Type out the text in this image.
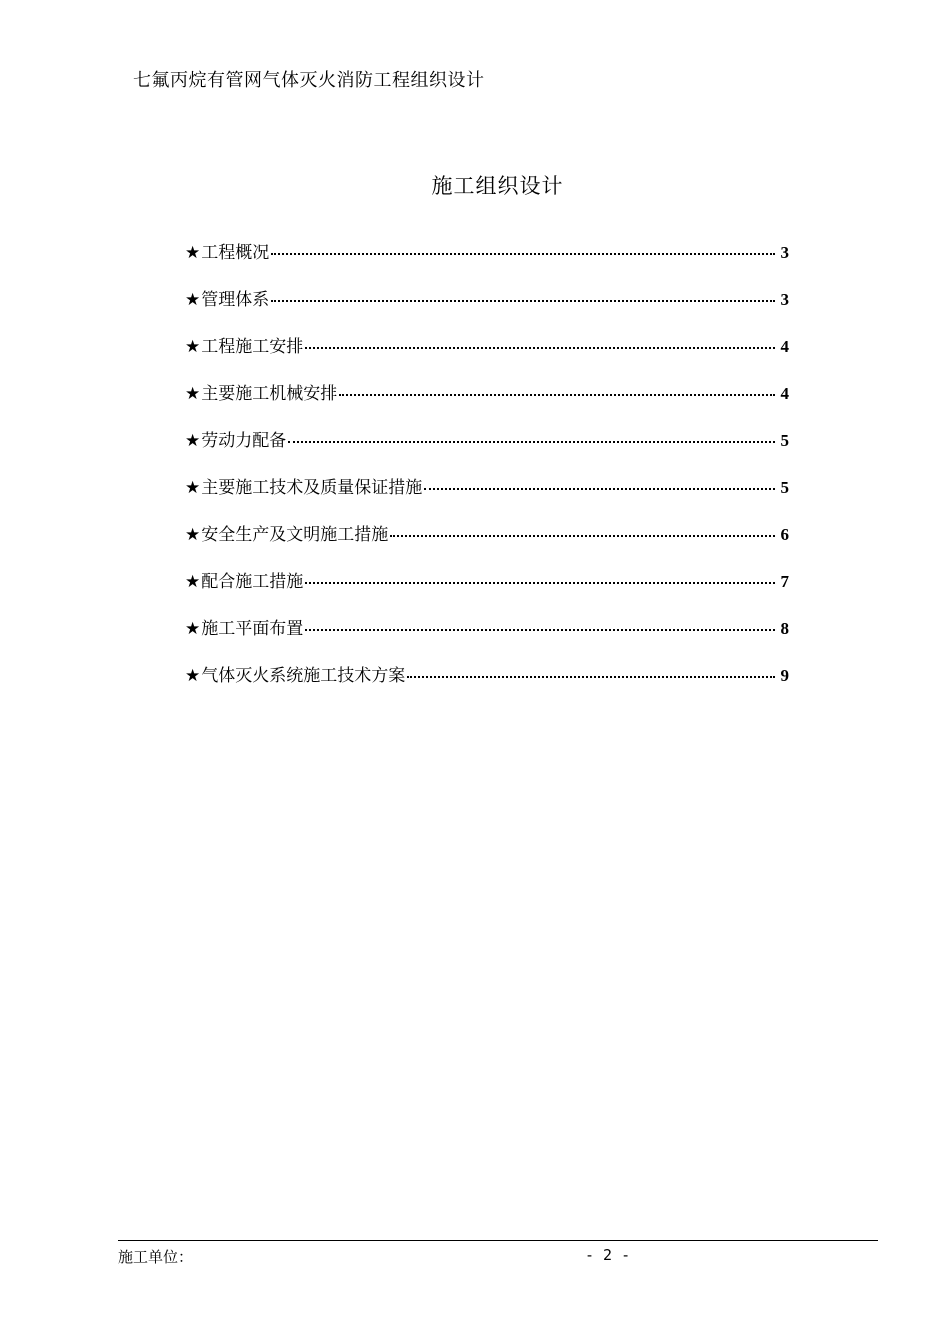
七氟丙烷有管网气体灭火消防工程组织设计
施工组织设计
★ 工程概况	3
★ 管理体系	3
★ 工程施工安排	4
★ 主要施工机械安排	4
★ 劳动力配备	5
★ 主要施工技术及质量保证措施	5
★ 安全生产及文明施工措施	6
★ 配合施工措施	7
★ 施工平面布置	8
★ 气体灭火系统施工技术方案	9
施工单位：	- 2 -
